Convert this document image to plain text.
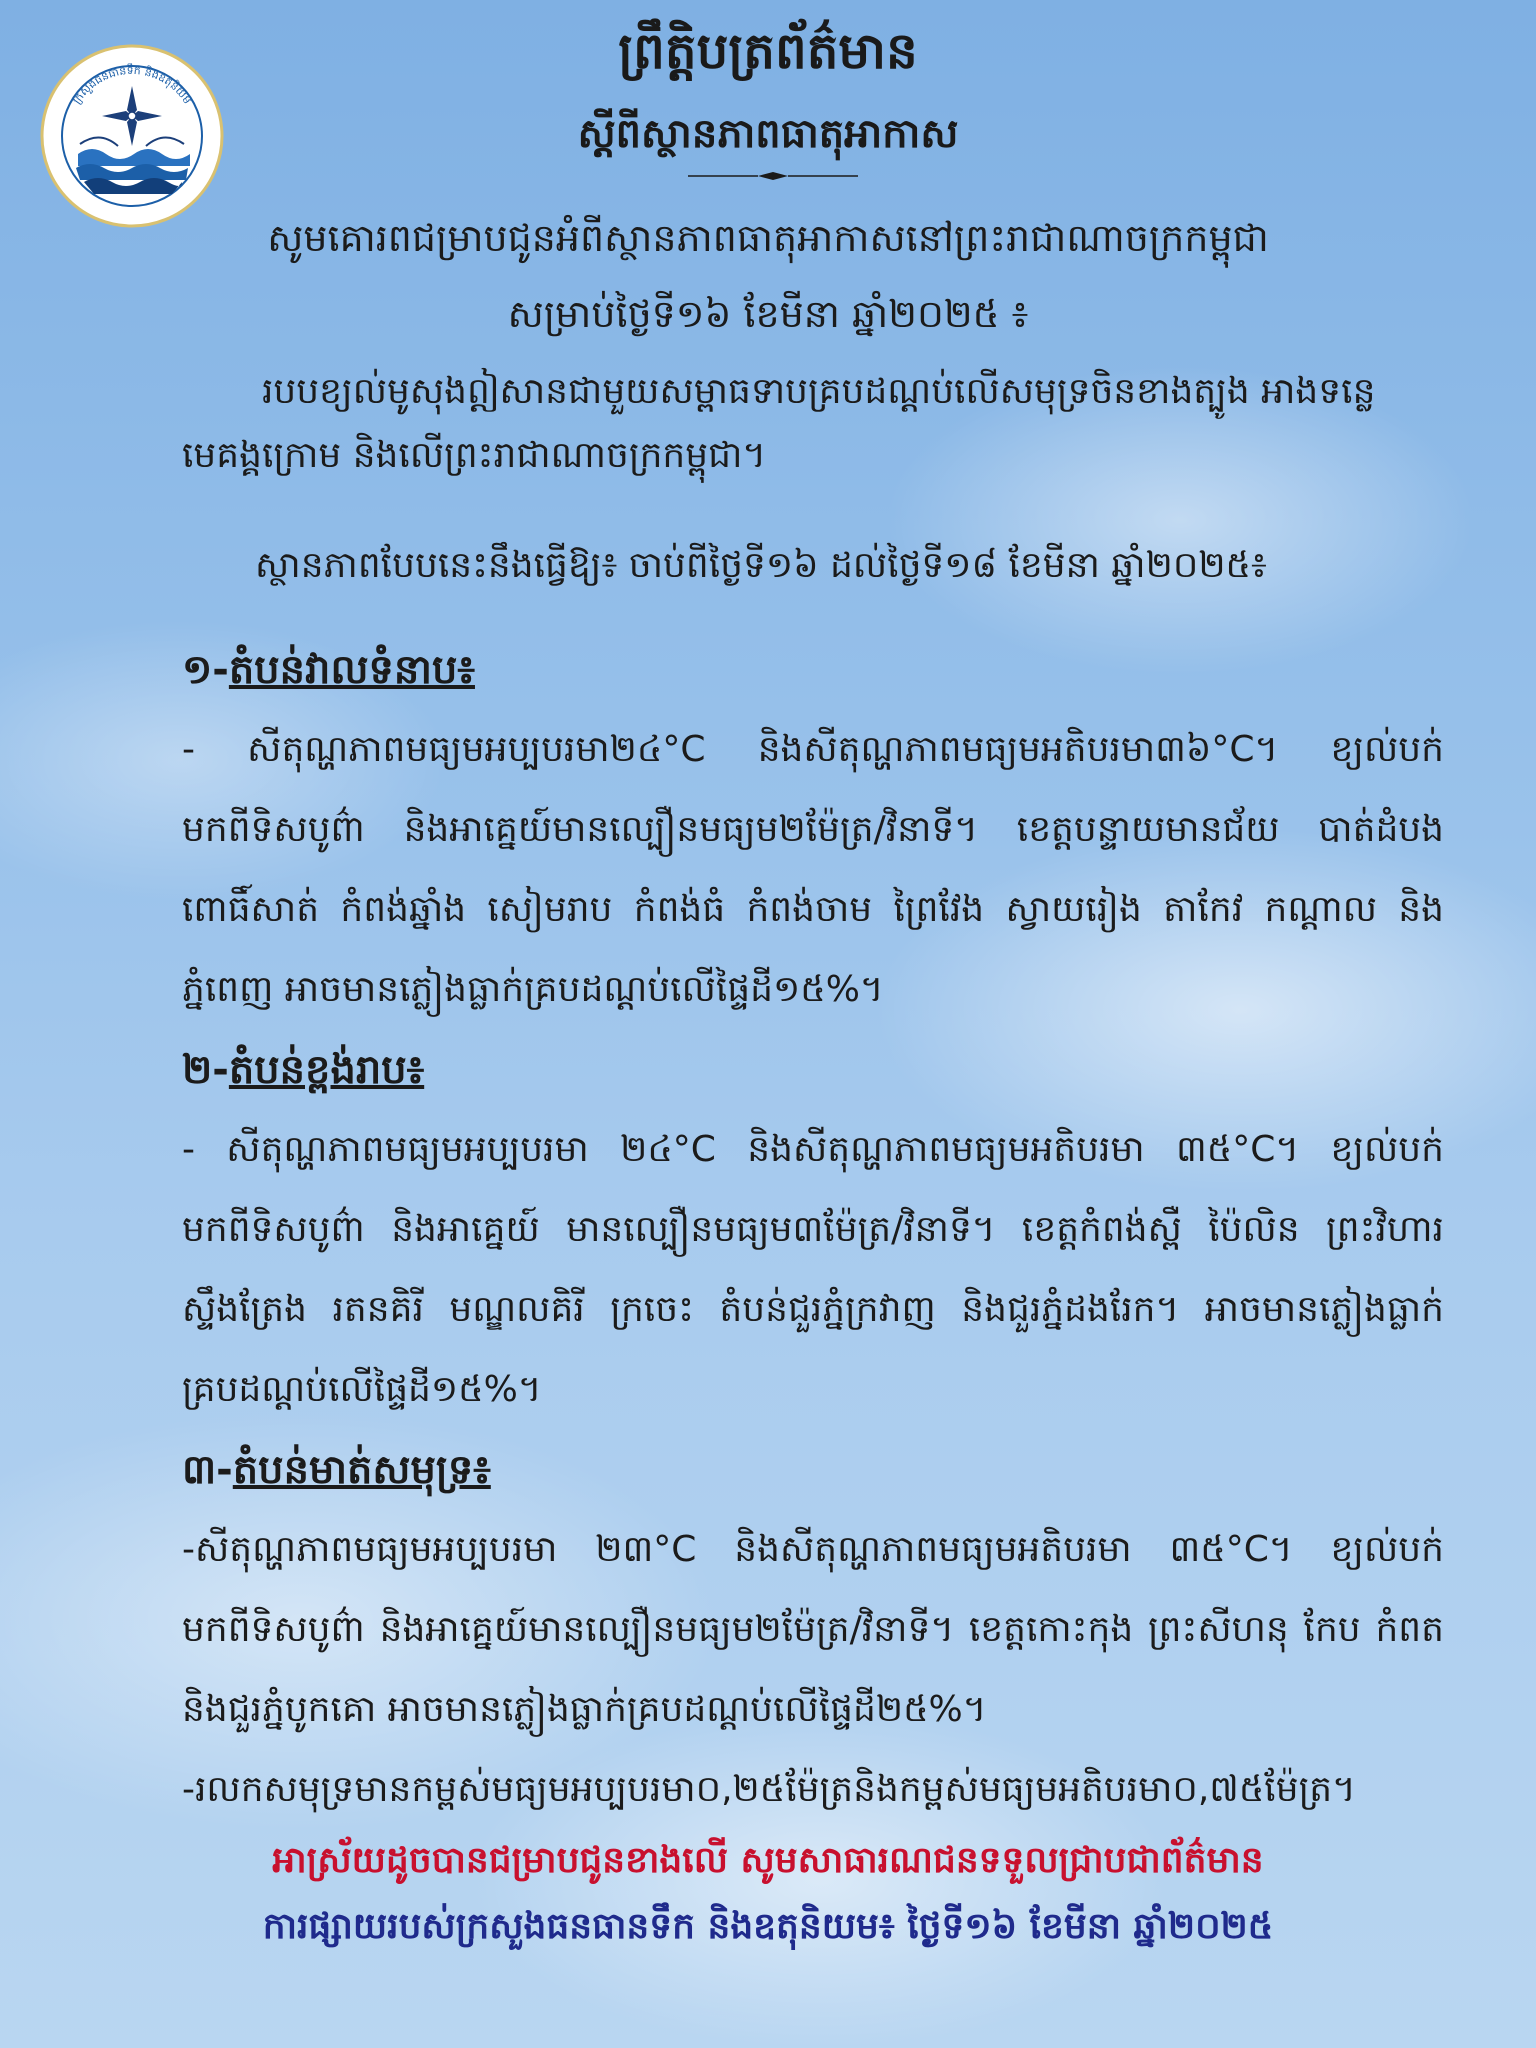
ក្រសួងធនធានទឹក និងឧតុនិយម
ព្រឹត្តិបត្រព័ត៌មាន
ស្តីពីស្ថានភាពធាតុអាកាស
សូមគោរពជម្រាបជូនអំពីស្ថានភាពធាតុអាកាសនៅព្រះរាជាណាចក្រកម្ពុជា
សម្រាប់ថ្ងៃទី១៦ ខែមីនា ឆ្នាំ២០២៥ ៖
របបខ្យល់មូសុងឦសានជាមួយសម្ពាធទាបគ្របដណ្តប់លើសមុទ្រចិនខាងត្បូង អាងទន្លេមេគង្គក្រោម និងលើព្រះរាជាណាចក្រកម្ពុជា។
ស្ថានភាពបែបនេះនឹងធ្វើឱ្យ៖ ចាប់ពីថ្ងៃទី១៦ ដល់ថ្ងៃទី១៨ ខែមីនា ឆ្នាំ២០២៥៖
១-តំបន់វាលទំនាប៖
- សីតុណ្ហភាពមធ្យមអប្បបរមា២៤°C និងសីតុណ្ហភាពមធ្យមអតិបរមា៣៦°C។ ខ្យល់បក់មកពីទិសបូព៌ា និងអាគ្នេយ៍មានល្បឿនមធ្យម២ម៉ែត្រ/វិនាទី។ ខេត្តបន្ទាយមានជ័យ បាត់ដំបង ពោធិ៍សាត់ កំពង់ឆ្នាំង សៀមរាប កំពង់ធំ កំពង់ចាម ព្រៃវែង ស្វាយរៀង តាកែវ កណ្តាល និងភ្នំពេញ អាចមានភ្លៀងធ្លាក់គ្របដណ្តប់លើផ្ទៃដី១៥%។
២-តំបន់ខ្ពង់រាប៖
- សីតុណ្ហភាពមធ្យមអប្បបរមា ២៤°C និងសីតុណ្ហភាពមធ្យមអតិបរមា ៣៥°C។ ខ្យល់បក់មកពីទិសបូព៌ា និងអាគ្នេយ៍ មានល្បឿនមធ្យម៣ម៉ែត្រ/វិនាទី។ ខេត្តកំពង់ស្ពឺ ប៉ៃលិន ព្រះវិហារ ស្ទឹងត្រែង រតនគិរី មណ្ឌលគិរី ក្រចេះ តំបន់ជួរភ្នំក្រវាញ និងជួរភ្នំដងរែក។ អាចមានភ្លៀងធ្លាក់គ្របដណ្តប់លើផ្ទៃដី១៥%។
៣-តំបន់មាត់សមុទ្រ៖
-សីតុណ្ហភាពមធ្យមអប្បបរមា ២៣°C និងសីតុណ្ហភាពមធ្យមអតិបរមា ៣៥°C។ ខ្យល់បក់មកពីទិសបូព៌ា និងអាគ្នេយ៍មានល្បឿនមធ្យម២ម៉ែត្រ/វិនាទី។ ខេត្តកោះកុង ព្រះសីហនុ កែប កំពត និងជួរភ្នំបូកគោ អាចមានភ្លៀងធ្លាក់គ្របដណ្តប់លើផ្ទៃដី២៥%។
-រលកសមុទ្រមានកម្ពស់មធ្យមអប្បបរមា០,២៥ម៉ែត្រនិងកម្ពស់មធ្យមអតិបរមា០,៧៥ម៉ែត្រ។
អាស្រ័យដូចបានជម្រាបជូនខាងលើ សូមសាធារណជនទទួលជ្រាបជាព័ត៌មាន
ការផ្សាយរបស់ក្រសួងធនធានទឹក និងឧតុនិយម៖ ថ្ងៃទី១៦ ខែមីនា ឆ្នាំ២០២៥
